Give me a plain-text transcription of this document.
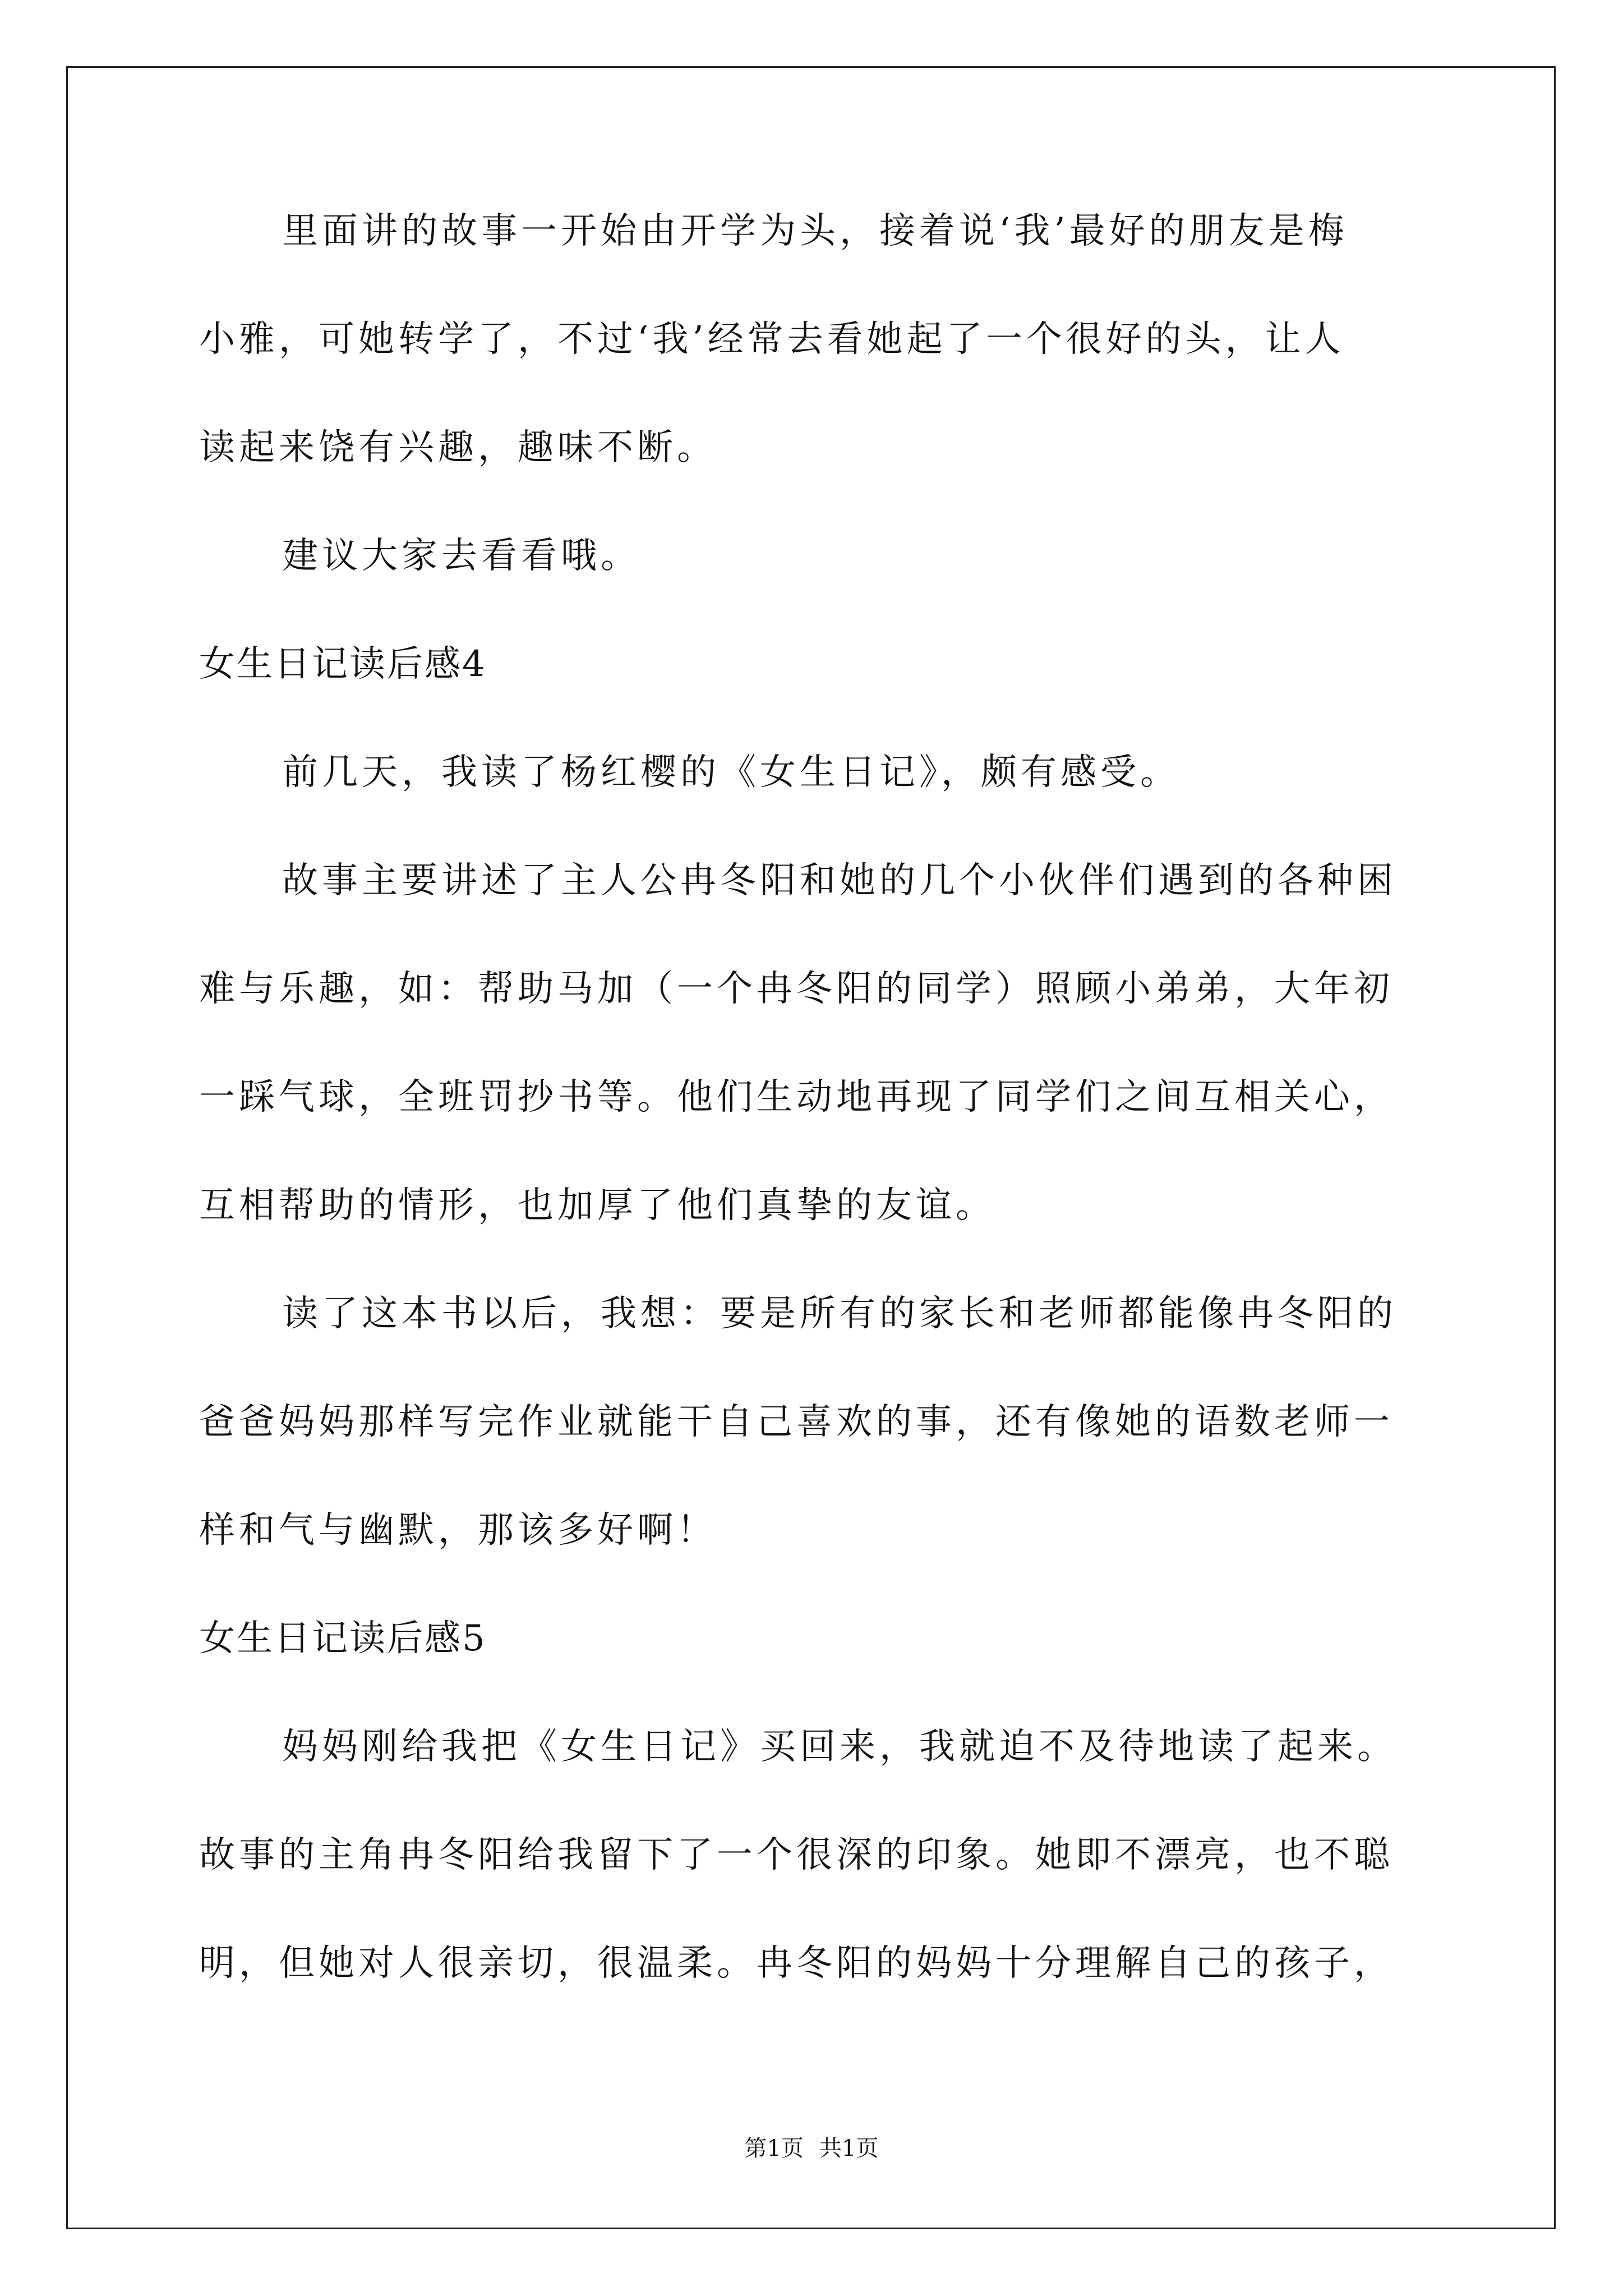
里面讲的故事一开始由开学为头，接着说‘我’最好的朋友是梅
小雅，可她转学了，不过‘我’经常去看她起了一个很好的头，让人
读起来饶有兴趣，趣味不断。
建议大家去看看哦。
女生日记读后感4
前几天，我读了杨红樱的《女生日记》，颇有感受。
故事主要讲述了主人公冉冬阳和她的几个小伙伴们遇到的各种困
难与乐趣，如：帮助马加（一个冉冬阳的同学）照顾小弟弟，大年初
一踩气球，全班罚抄书等。他们生动地再现了同学们之间互相关心，
互相帮助的情形，也加厚了他们真挚的友谊。
读了这本书以后，我想：要是所有的家长和老师都能像冉冬阳的
爸爸妈妈那样写完作业就能干自己喜欢的事，还有像她的语数老师一
样和气与幽默，那该多好啊！
女生日记读后感5
妈妈刚给我把《女生日记》买回来，我就迫不及待地读了起来。
故事的主角冉冬阳给我留下了一个很深的印象。她即不漂亮，也不聪
明，但她对人很亲切，很温柔。冉冬阳的妈妈十分理解自己的孩子，
第1页 共1页
